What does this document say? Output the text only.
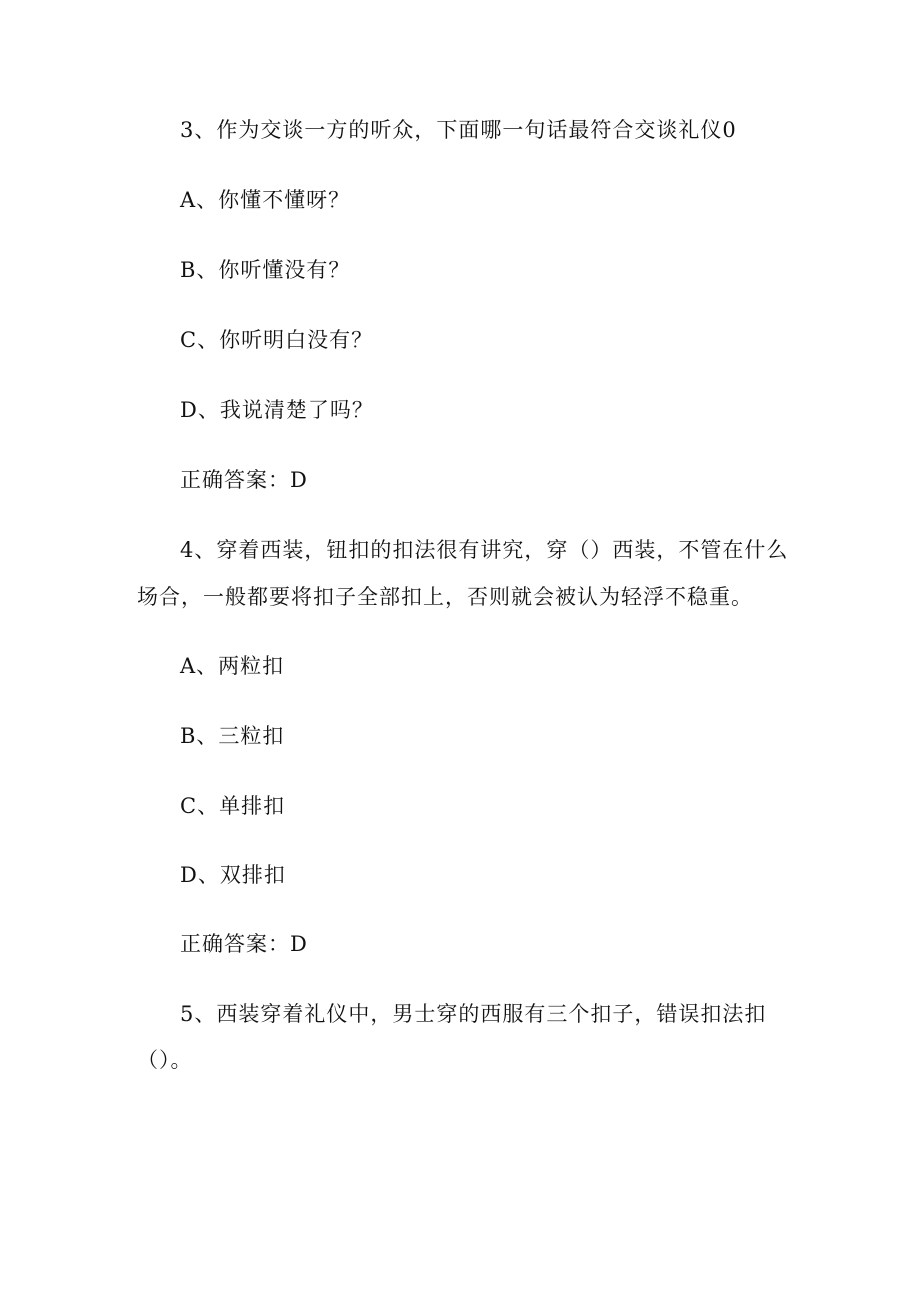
3、作为交谈一方的听众，下面哪一句话最符合交谈礼仪0
A、你懂不懂呀？
B、你听懂没有？
C、你听明白没有？
D、我说清楚了吗？
正确答案：D
4、穿着西装，钮扣的扣法很有讲究，穿（）西装，不管在什么
场合，一般都要将扣子全部扣上，否则就会被认为轻浮不稳重。
A、两粒扣
B、三粒扣
C、单排扣
D、双排扣
正确答案：D
5、西装穿着礼仪中，男士穿的西服有三个扣子，错误扣法扣
（）。
